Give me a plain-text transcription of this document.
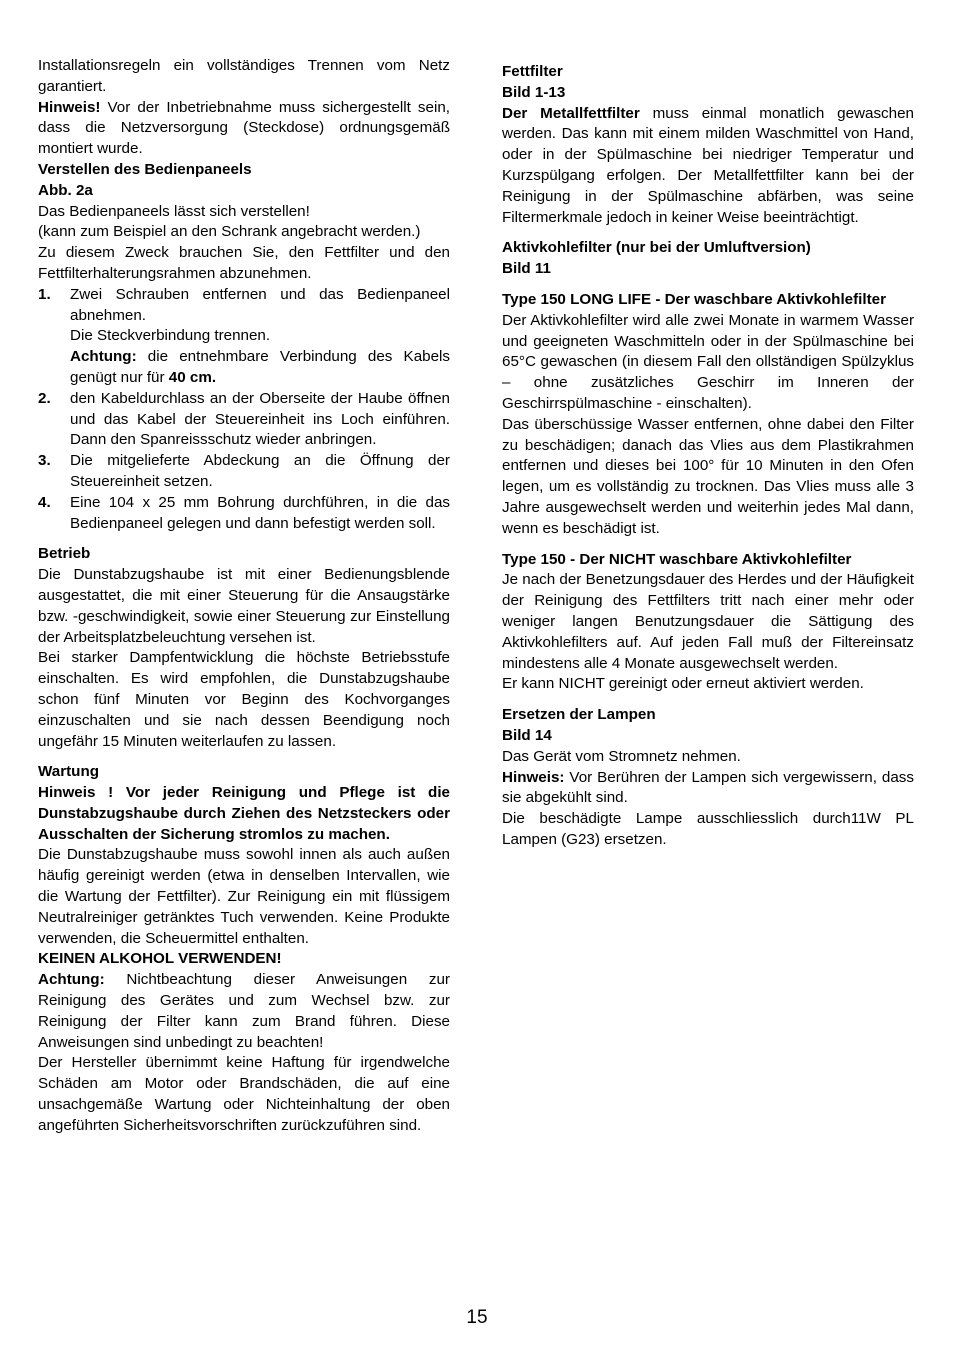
Installationsregeln ein vollständiges Trennen vom Netz garantiert.

Hinweis! Vor der Inbetriebnahme muss sichergestellt sein, dass die Netzversorgung (Steckdose) ordnungsgemäß montiert wurde.

Verstellen des Bedienpaneels

Abb. 2a

Das Bedienpaneels lässt sich verstellen!

(kann zum Beispiel an den Schrank angebracht werden.)

Zu diesem Zweck brauchen Sie, den Fettfilter und den Fettfilterhalterungsrahmen abzunehmen.

1. Zwei Schrauben entfernen und das Bedienpaneel abnehmen.

Die Steckverbindung trennen.

Achtung: die entnehmbare Verbindung des Kabels genügt nur für 40 cm.

2. den Kabeldurchlass an der Oberseite der Haube öffnen und das Kabel der Steuereinheit ins Loch einführen. Dann den Spanreissschutz wieder anbringen.

3. Die mitgelieferte Abdeckung an die Öffnung der Steuereinheit setzen.

4. Eine 104 x 25 mm Bohrung durchführen, in die das Bedienpaneel gelegen und dann befestigt werden soll.

Betrieb

Die Dunstabzugshaube ist mit einer Bedienungsblende ausgestattet, die mit einer Steuerung für die Ansaugstärke bzw. -geschwindigkeit, sowie einer Steuerung zur Einstellung der Arbeitsplatzbeleuchtung versehen ist.

Bei starker Dampfentwicklung die höchste Betriebsstufe einschalten. Es wird empfohlen, die Dunstabzugshaube schon fünf Minuten vor Beginn des Kochvorganges einzuschalten und sie nach dessen Beendigung noch ungefähr 15 Minuten weiterlaufen zu lassen.

Wartung

Hinweis ! Vor jeder Reinigung und Pflege ist die Dunstabzugshaube durch Ziehen des Netzsteckers oder Ausschalten der Sicherung stromlos zu machen.

Die Dunstabzugshaube muss sowohl innen als auch außen häufig gereinigt werden (etwa in denselben Intervallen, wie die Wartung der Fettfilter). Zur Reinigung ein mit flüssigem Neutralreiniger getränktes Tuch verwenden. Keine Produkte verwenden, die Scheuermittel enthalten.

KEINEN ALKOHOL VERWENDEN!

Achtung: Nichtbeachtung dieser Anweisungen zur Reinigung des Gerätes und zum Wechsel bzw. zur Reinigung der Filter kann zum Brand führen. Diese Anweisungen sind unbedingt zu beachten!

Der Hersteller übernimmt keine Haftung für irgendwelche Schäden am Motor oder Brandschäden, die auf eine unsachgemäße Wartung oder Nichteinhaltung der oben angeführten Sicherheitsvorschriften zurückzuführen sind.

Fettfilter

Bild 1-13

Der Metallfettfilter muss einmal monatlich gewaschen werden. Das kann mit einem milden Waschmittel von Hand, oder in der Spülmaschine bei niedriger Temperatur und Kurzspülgang erfolgen. Der Metallfettfilter kann bei der Reinigung in der Spülmaschine abfärben, was seine Filtermerkmale jedoch in keiner Weise beeinträchtigt.

Aktivkohlefilter (nur bei der Umluftversion)

Bild 11

Type 150 LONG LIFE - Der waschbare Aktivkohlefilter

Der Aktivkohlefilter wird alle zwei Monate in warmem Wasser und geeigneten Waschmitteln oder in der Spülmaschine bei 65°C gewaschen (in diesem Fall den ollständigen Spülzyklus – ohne zusätzliches Geschirr im Inneren der Geschirrspülmaschine - einschalten).

Das überschüssige Wasser entfernen, ohne dabei den Filter zu beschädigen; danach das Vlies aus dem Plastikrahmen entfernen und dieses bei 100° für 10 Minuten in den Ofen legen, um es vollständig zu trocknen. Das Vlies muss alle 3 Jahre ausgewechselt werden und weiterhin jedes Mal dann, wenn es beschädigt ist.

Type 150 - Der NICHT waschbare Aktivkohlefilter

Je nach der Benetzungsdauer des Herdes und der Häufigkeit der Reinigung des Fettfilters tritt nach einer mehr oder weniger langen Benutzungsdauer die Sättigung des Aktivkohlefilters auf. Auf jeden Fall muß der Filtereinsatz mindestens alle 4 Monate ausgewechselt werden.

Er kann NICHT gereinigt oder erneut aktiviert werden.

Ersetzen der Lampen

Bild 14

Das Gerät vom Stromnetz nehmen.

Hinweis: Vor Berühren der Lampen sich vergewissern, dass sie abgekühlt sind.

Die beschädigte Lampe ausschliesslich durch11W PL Lampen (G23) ersetzen.

15
